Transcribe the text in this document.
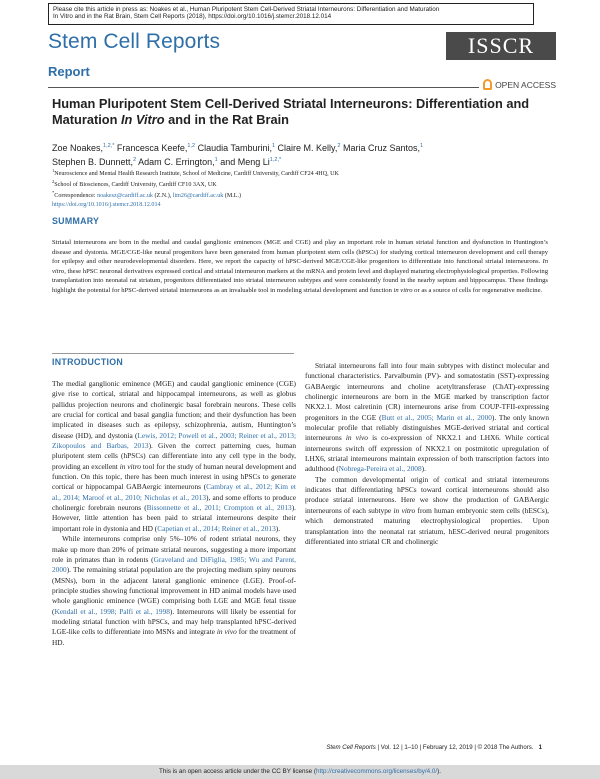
Please cite this article in press as: Noakes et al., Human Pluripotent Stem Cell-Derived Striatal Interneurons: Differentiation and Maturation
In Vitro and in the Rat Brain, Stem Cell Reports (2018), https://doi.org/10.1016/j.stemcr.2018.12.014
Stem Cell Reports
Report
ISSCR
OPEN ACCESS
Human Pluripotent Stem Cell-Derived Striatal Interneurons: Differentiation and Maturation In Vitro and in the Rat Brain
Zoe Noakes,$^{1,2,*}$ Francesca Keefe,$^{1,2}$ Claudia Tamburini,$^1$ Claire M. Kelly,$^2$ Maria Cruz Santos,$^1$
Stephen B. Dunnett,$^2$ Adam C. Errington,$^1$ and Meng $Li^{1,2,*}$
$^1$Neuroscience and Mental Health Research Institute, School of Medicine, Cardiff University, Cardiff CF24 4HQ, UK
$^2$School of Biosciences, Cardiff University, Cardiff CF10 3AX, UK
*Correspondence: noakesz@cardiff.ac.uk (Z.N.), lim26@cardiff.ac.uk (M.L.)
https://doi.org/10.1016/j.stemcr.2018.12.014
SUMMARY
Striatal interneurons are born in the medial and caudal ganglionic eminences (MGE and CGE) and play an important role in human striatal function and dysfunction in Huntington’s disease and dystonia. MGE/CGE-like neural progenitors have been generated from human pluripotent stem cells (hPSCs) for studying cortical interneuron development and cell therapy for epilepsy and other neurodevelopmental disorders. Here, we report the capacity of hPSC-derived MGE/CGE-like progenitors to differentiate into functional striatal interneurons. In vitro, these hPSC neuronal derivatives expressed cortical and striatal interneuron markers at the mRNA and protein level and displayed maturing electrophysiological properties. Following transplantation into neonatal rat striatum, progenitors differentiated into striatal interneuron subtypes and were consistently found in the nearby septum and hippocampus. These findings highlight the potential for hPSC-derived striatal interneurons as an invaluable tool in modeling striatal development and function in vitro or as a source of cells for regenerative medicine.
INTRODUCTION

The medial ganglionic eminence (MGE) and caudal ganglionic eminence (CGE) give rise to cortical, striatal and hippocampal interneurons, as well as globus pallidus projection neurons and cholinergic basal forebrain neurons. These cells are crucial for cortical and basal ganglia function; and their dysfunction has been implicated in diseases such as epilepsy, schizophrenia, autism, Huntington’s disease (HD), and dystonia (Lewis, 2012; Powell et al., 2003; Reiner et al., 2013; Zikopoulos and Barbas, 2013). Given the correct patterning cues, human pluripotent stem cells (hPSCs) can differentiate into any cell type in the body, providing an excellent in vitro tool for the study of human neural development and function. On this topic, there has been much interest in using hPSCs to generate cortical or hippocampal GABAergic interneurons (Cambray et al., 2012; Kim et al., 2014; Maroof et al., 2010; Nicholas et al., 2013), and some efforts to produce cholinergic forebrain neurons (Bissonnette et al., 2011; Crompton et al., 2013). However, little attention has been paid to striatal interneurons despite their important role in dystonia and HD (Capetian et al., 2014; Reiner et al., 2013).

While interneurons comprise only 5%–10% of rodent striatal neurons, they make up more than 20% of primate striatal neurons, suggesting a more important role in primates than in rodents (Graveland and DiFiglia, 1985; Wu and Parent, 2000). The remaining striatal population are the projecting medium spiny neurons (MSNs), born in the adjacent lateral ganglionic eminence (LGE). Proof-of-principle studies showing functional improvement in HD animal models have used whole ganglionic eminence (WGE) comprising both LGE and MGE fetal tissue (Kendall et al., 1998; Palfi et al., 1998). Interneurons will likely be essential for modeling striatal function with hPSCs, and may help transplanted hPSC-derived LGE-like cells to differentiate into MSNs and integrate in vivo for the treatment of HD.

Striatal interneurons fall into four main subtypes with distinct molecular and functional characteristics. Parvalbumin (PV)- and somatostatin (SST)-expressing GABAergic interneurons and choline acetyltransferase (ChAT)-expressing cholinergic interneurons are born in the MGE marked by transcription factor NKX2.1. Most calretinin (CR) interneurons arise from COUP-TFII-expressing progenitors in the CGE (Butt et al., 2005; Marin et al., 2000). The only known molecular profile that reliably distinguishes MGE-derived striatal and cortical interneurons in vivo is co-expression of NKX2.1 and LHX6. While cortical interneurons switch off expression of NKX2.1 on postmitotic upregulation of LHX6, striatal interneurons maintain expression of both transcription factors into adulthood (Nobrega-Pereira et al., 2008).

The common developmental origin of cortical and striatal interneurons indicates that differentiating hPSCs toward cortical interneurons should also produce striatal interneurons. Here we show the production of GABAergic interneurons of each subtype in vitro from human embryonic stem cells (hESCs), which demonstrated maturing electrophysiological properties. Upon transplantation into the neonatal rat striatum, hESC-derived neural progenitors differentiated into striatal CR and cholinergic

Stem Cell Reports | Vol. 12 | 1–10 | February 12, 2019 | © 2018 The Authors. 1
This is an open access article under the CC BY license (http://creativecommons.org/licenses/by/4.0/).
